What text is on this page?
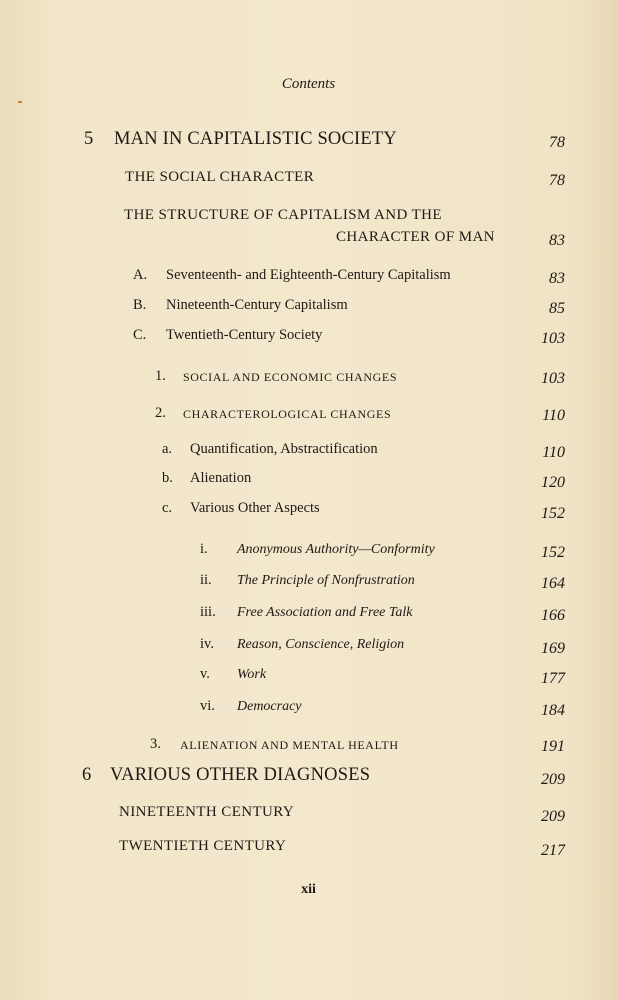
Contents
5 MAN IN CAPITALISTIC SOCIETY	78
THE SOCIAL CHARACTER	78
THE STRUCTURE OF CAPITALISM AND THE
CHARACTER OF MAN	83
A. Seventeenth- and Eighteenth-Century Capitalism	83
B. Nineteenth-Century Capitalism	85
C. Twentieth-Century Society	103
1. SOCIAL AND ECONOMIC CHANGES	103
2. CHARACTEROLOGICAL CHANGES	110
a. Quantification, Abstractification	110
b. Alienation	120
c. Various Other Aspects	152
i. Anonymous Authority—Conformity	152
ii. The Principle of Nonfrustration	164
iii. Free Association and Free Talk	166
iv. Reason, Conscience, Religion	169
v. Work	177
vi. Democracy	184
3. ALIENATION AND MENTAL HEALTH	191
6 VARIOUS OTHER DIAGNOSES	209
NINETEENTH CENTURY	209
TWENTIETH CENTURY	217
xii
